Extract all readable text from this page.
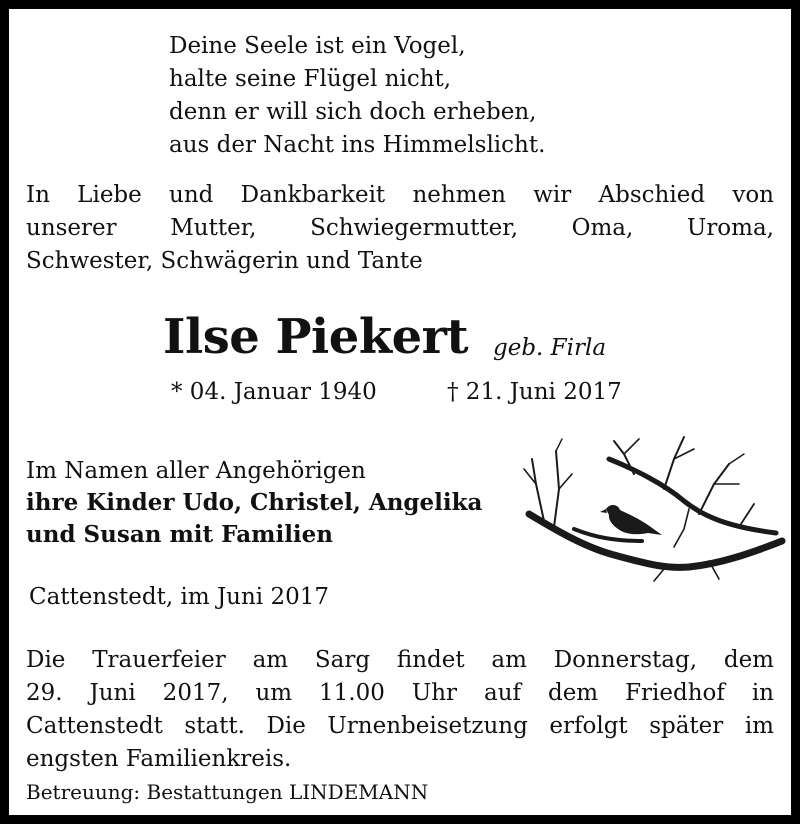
Deine Seele ist ein Vogel,
halte seine Flügel nicht,
denn er will sich doch erheben,
aus der Nacht ins Himmelslicht.
In Liebe und Dankbarkeit nehmen wir Abschied von
unserer Mutter, Schwiegermutter, Oma, Uroma,
Schwester, Schwägerin und Tante
Ilse Piekert geb. Firla
* 04. Januar 1940	† 21. Juni 2017
Im Namen aller Angehörigen
ihre Kinder Udo, Christel, Angelika
und Susan mit Familien
Cattenstedt, im Juni 2017
Die Trauerfeier am Sarg findet am Donnerstag, dem
29. Juni 2017, um 11.00 Uhr auf dem Friedhof in
Cattenstedt statt. Die Urnenbeisetzung erfolgt später im
engsten Familienkreis.
Betreuung: Bestattungen LINDEMANN
